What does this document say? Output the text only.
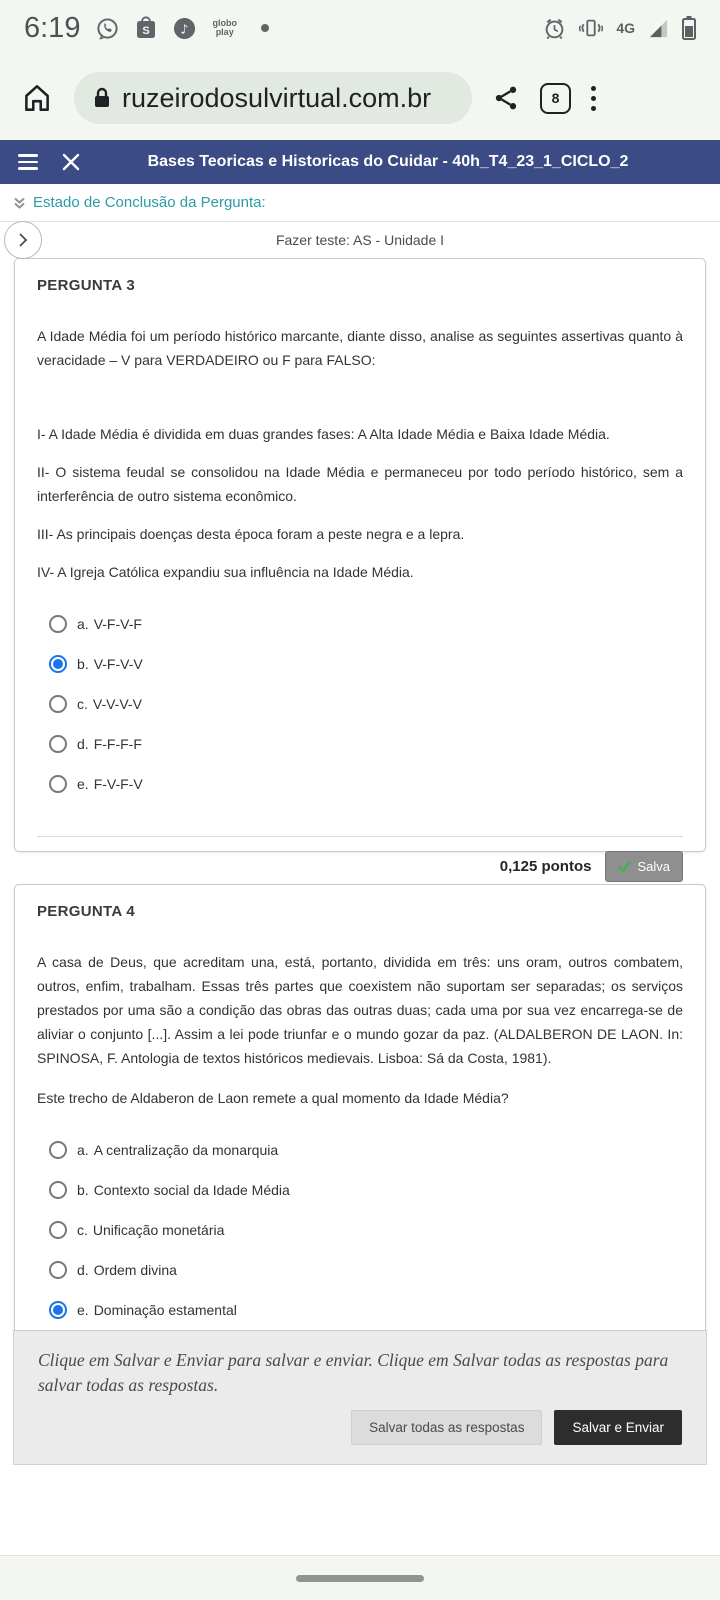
6:19	S ♪	globo
play	4G
ruzeirodosulvirtual.com.br	8
Bases Teoricas e Historicas do Cuidar - 40h_T4_23_1_CICLO_2
Estado de Conclusão da Pergunta:
Fazer teste: AS - Unidade I
PERGUNTA 3
A Idade Média foi um período histórico marcante, diante disso, analise as seguintes assertivas quanto à veracidade – V para VERDADEIRO ou F para FALSO:
I- A Idade Média é dividida em duas grandes fases: A Alta Idade Média e Baixa Idade Média.
II- O sistema feudal se consolidou na Idade Média e permaneceu por todo período histórico, sem a interferência de outro sistema econômico.
III- As principais doenças desta época foram a peste negra e a lepra.
IV- A Igreja Católica expandiu sua influência na Idade Média.
a. V-F-V-F
b. V-F-V-V
c. V-V-V-V
d. F-F-F-F
e. F-V-F-V
0,125 pontos	Salva
PERGUNTA 4
A casa de Deus, que acreditam una, está, portanto, dividida em três: uns oram, outros combatem, outros, enfim, trabalham. Essas três partes que coexistem não suportam ser separadas; os serviços prestados por uma são a condição das obras das outras duas; cada uma por sua vez encarrega-se de aliviar o conjunto [...]. Assim a lei pode triunfar e o mundo gozar da paz. (ALDALBERON DE LAON. In: SPINOSA, F. Antologia de textos históricos medievais. Lisboa: Sá da Costa, 1981).
Este trecho de Aldaberon de Laon remete a qual momento da Idade Média?
a. A centralização da monarquia
b. Contexto social da Idade Média
c. Unificação monetária
d. Ordem divina
e. Dominação estamental
Clique em Salvar e Enviar para salvar e enviar. Clique em Salvar todas as respostas para salvar todas as respostas.
Salvar todas as respostas	Salvar e Enviar
